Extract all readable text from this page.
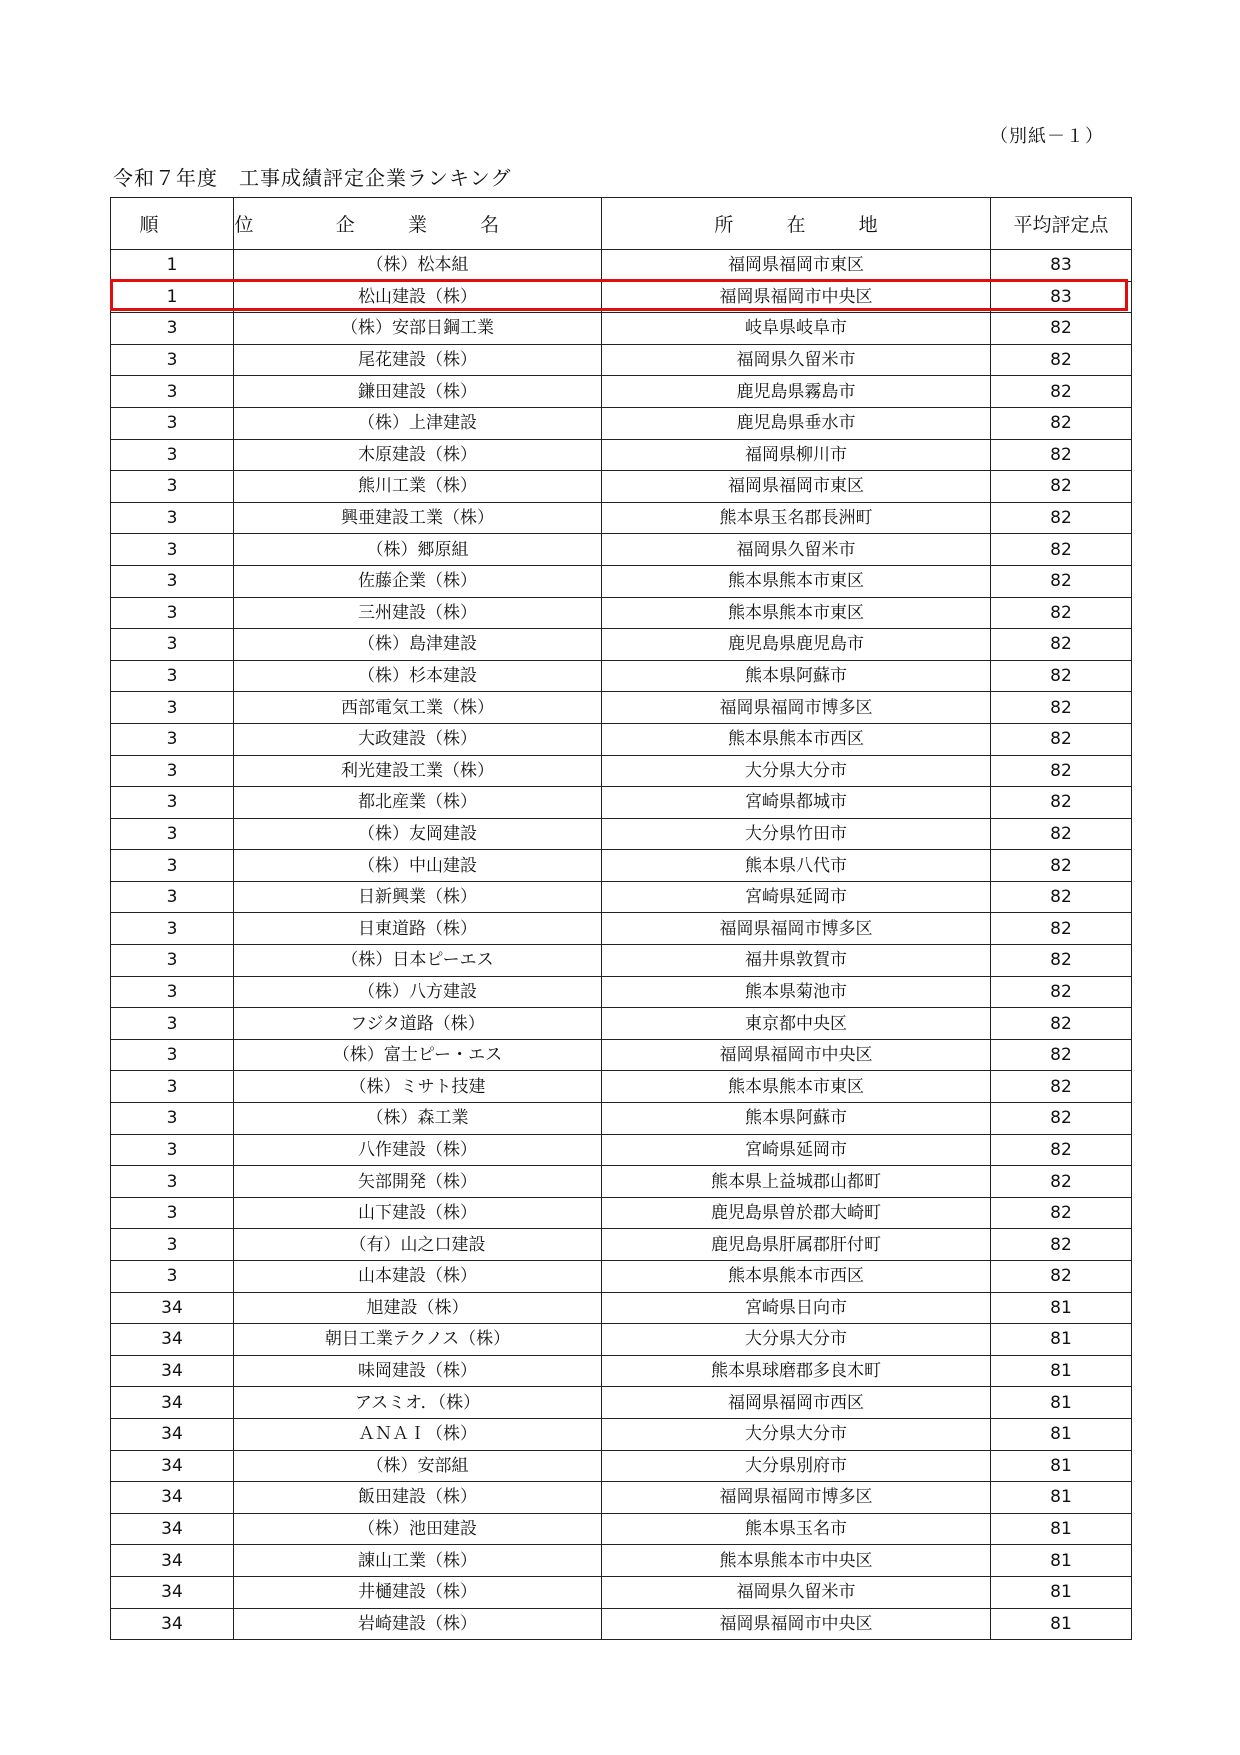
（別紙－１）
令和７年度　工事成績評定企業ランキング
順　位	企　業　名	所　在　地	平均評定点
1	（株）松本組	福岡県福岡市東区	83
1	松山建設（株）	福岡県福岡市中央区	83
3	（株）安部日鋼工業	岐阜県岐阜市	82
3	尾花建設（株）	福岡県久留米市	82
3	鎌田建設（株）	鹿児島県霧島市	82
3	（株）上津建設	鹿児島県垂水市	82
3	木原建設（株）	福岡県柳川市	82
3	熊川工業（株）	福岡県福岡市東区	82
3	興亜建設工業（株）	熊本県玉名郡長洲町	82
3	（株）郷原組	福岡県久留米市	82
3	佐藤企業（株）	熊本県熊本市東区	82
3	三州建設（株）	熊本県熊本市東区	82
3	（株）島津建設	鹿児島県鹿児島市	82
3	（株）杉本建設	熊本県阿蘇市	82
3	西部電気工業（株）	福岡県福岡市博多区	82
3	大政建設（株）	熊本県熊本市西区	82
3	利光建設工業（株）	大分県大分市	82
3	都北産業（株）	宮崎県都城市	82
3	（株）友岡建設	大分県竹田市	82
3	（株）中山建設	熊本県八代市	82
3	日新興業（株）	宮崎県延岡市	82
3	日東道路（株）	福岡県福岡市博多区	82
3	（株）日本ピーエス	福井県敦賀市	82
3	（株）八方建設	熊本県菊池市	82
3	フジタ道路（株）	東京都中央区	82
3	（株）富士ピー・エス	福岡県福岡市中央区	82
3	（株）ミサト技建	熊本県熊本市東区	82
3	（株）森工業	熊本県阿蘇市	82
3	八作建設（株）	宮崎県延岡市	82
3	矢部開発（株）	熊本県上益城郡山都町	82
3	山下建設（株）	鹿児島県曽於郡大崎町	82
3	（有）山之口建設	鹿児島県肝属郡肝付町	82
3	山本建設（株）	熊本県熊本市西区	82
34	旭建設（株）	宮崎県日向市	81
34	朝日工業テクノス（株）	大分県大分市	81
34	味岡建設（株）	熊本県球磨郡多良木町	81
34	アスミオ．（株）	福岡県福岡市西区	81
34	ＡＮＡＩ（株）	大分県大分市	81
34	（株）安部組	大分県別府市	81
34	飯田建設（株）	福岡県福岡市博多区	81
34	（株）池田建設	熊本県玉名市	81
34	諌山工業（株）	熊本県熊本市中央区	81
34	井樋建設（株）	福岡県久留米市	81
34	岩崎建設（株）	福岡県福岡市中央区	81
